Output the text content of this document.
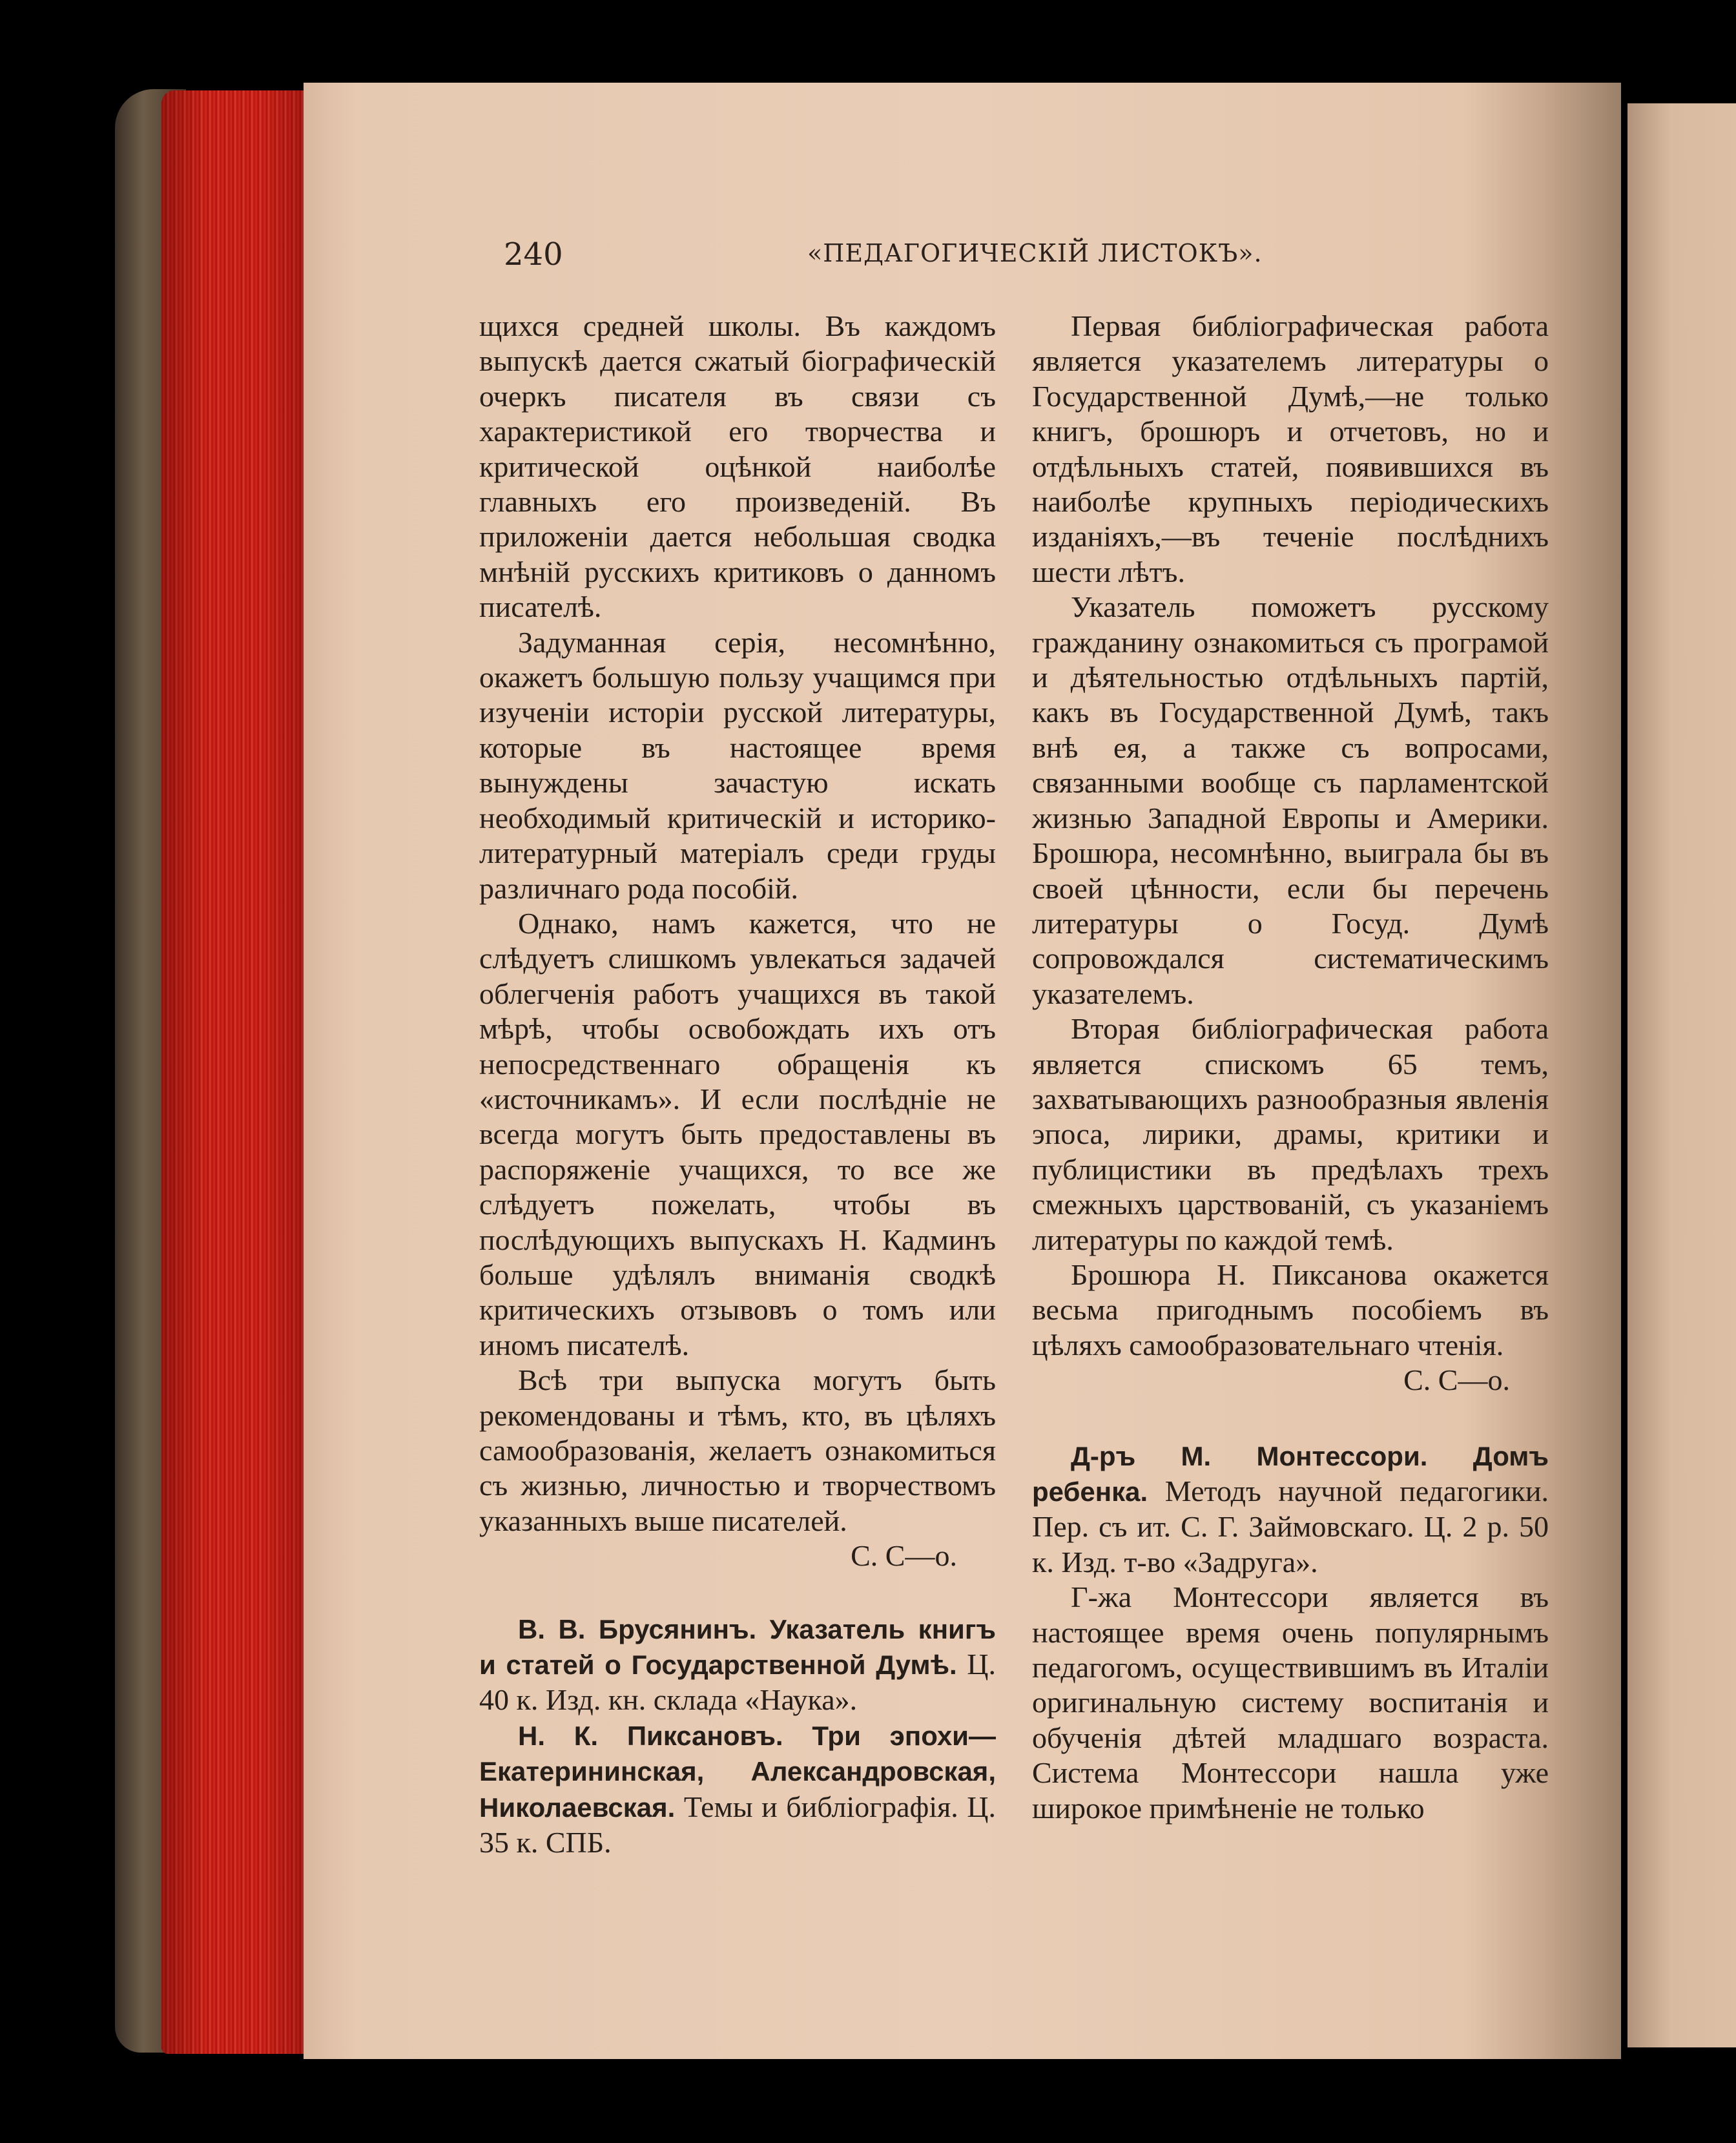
240	«ПЕДАГОГИЧЕСКІЙ ЛИСТОКЪ».

щихся средней школы. Въ каждомъ выпускѣ дается сжатый біографическій очеркъ писателя въ связи съ характеристикой его творчества и критической оцѣнкой наиболѣе главныхъ его произведеній. Въ приложеніи дается небольшая сводка мнѣній русскихъ критиковъ о данномъ писателѣ.

Задуманная серія, несомнѣнно, окажетъ большую пользу учащимся при изученіи исторіи русской литературы, которые въ настоящее время вынуждены зачастую искать необходимый критическій и историко-литературный матеріалъ среди груды различнаго рода пособій.

Однако, намъ кажется, что не слѣдуетъ слишкомъ увлекаться задачей облегченія работъ учащихся въ такой мѣрѣ, чтобы освобождать ихъ отъ непосредственнаго обращенія къ «источникамъ». И если послѣдніе не всегда могутъ быть предоставлены въ распоряженіе учащихся, то все же слѣдуетъ пожелать, чтобы въ послѣдующихъ выпускахъ Н. Кадминъ больше удѣлялъ вниманія сводкѣ критическихъ отзывовъ о томъ или иномъ писателѣ.

Всѣ три выпуска могутъ быть рекомендованы и тѣмъ, кто, въ цѣляхъ самообразованія, желаетъ ознакомиться съ жизнью, личностью и творчествомъ указанныхъ выше писателей.

С. С—о.

В. В. Брусянинъ. Указатель книгъ и статей о Государственной Думѣ. Ц. 40 к. Изд. кн. склада «Наука».

Н. К. Пиксановъ. Три эпохи—Екатерининская, Александровская, Николаевская. Темы и библіографія. Ц. 35 к. СПБ.

Первая библіографическая работа является указателемъ литературы о Государственной Думѣ,—не только книгъ, брошюръ и отчетовъ, но и отдѣльныхъ статей, появившихся въ наиболѣе крупныхъ періодическихъ изданіяхъ,—въ теченіе послѣднихъ шести лѣтъ.

Указатель поможетъ русскому гражданину ознакомиться съ програмой и дѣятельностью отдѣльныхъ партій, какъ въ Государственной Думѣ, такъ внѣ ея, а также съ вопросами, связанными вообще съ парламентской жизнью Западной Европы и Америки. Брошюра, несомнѣнно, выиграла бы въ своей цѣнности, если бы перечень литературы о Госуд. Думѣ сопровождался систематическимъ указателемъ.

Вторая библіографическая работа является спискомъ 65 темъ, захватывающихъ разнообразныя явленія эпоса, лирики, драмы, критики и публицистики въ предѣлахъ трехъ смежныхъ царствованій, съ указаніемъ литературы по каждой темѣ.

Брошюра Н. Пиксанова окажется весьма пригоднымъ пособіемъ въ цѣляхъ самообразовательнаго чтенія.

С. С—о.

Д-ръ М. Монтессори. Домъ ребенка. Методъ научной педагогики. Пер. съ ит. С. Г. Займовскаго. Ц. 2 р. 50 к. Изд. т-во «Задруга».

Г-жа Монтессори является въ настоящее время очень популярнымъ педагогомъ, осуществившимъ въ Италіи оригинальную систему воспитанія и обученія дѣтей младшаго возраста. Система Монтессори нашла уже широкое примѣненіе не только
